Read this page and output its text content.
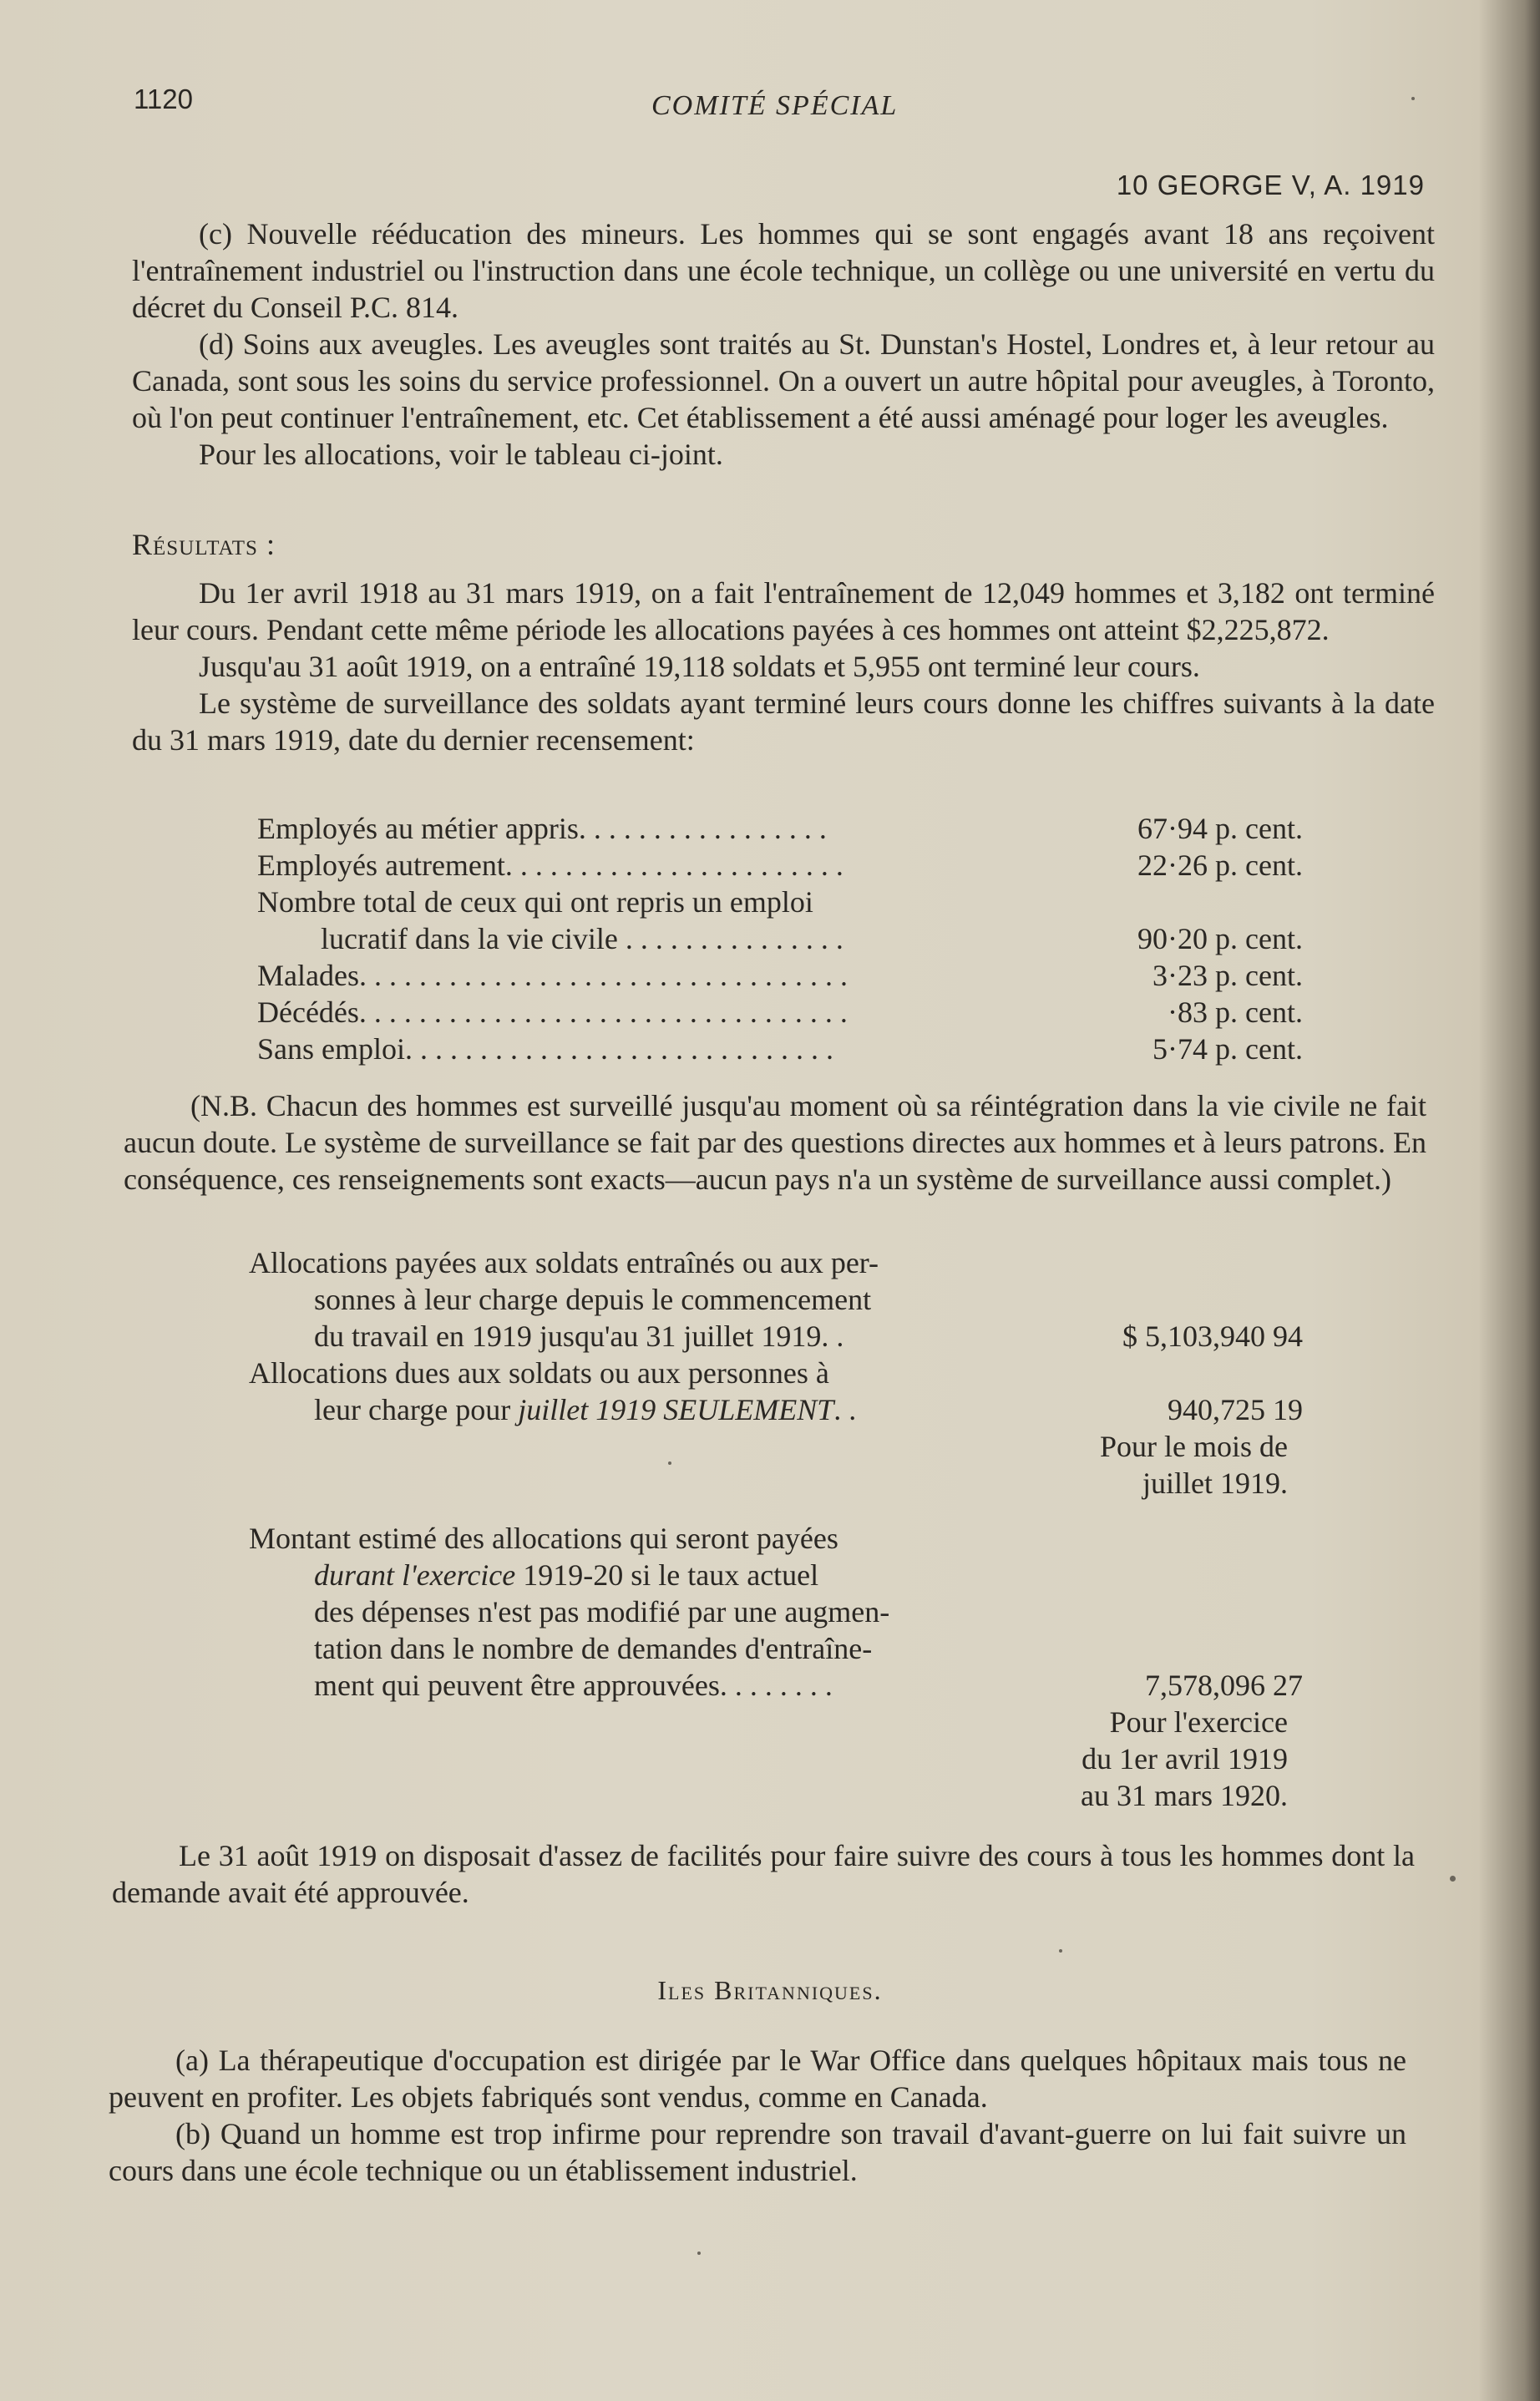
1120	COMITÉ SPÉCIAL
10 GEORGE V, A. 1919

(c) Nouvelle rééducation des mineurs. Les hommes qui se sont engagés avant 18 ans reçoivent l'entraînement industriel ou l'instruction dans une école technique, un collège ou une université en vertu du décret du Conseil P.C. 814.

(d) Soins aux aveugles. Les aveugles sont traités au St. Dunstan's Hostel, Londres et, à leur retour au Canada, sont sous les soins du service professionnel. On a ouvert un autre hôpital pour aveugles, à Toronto, où l'on peut continuer l'entraînement, etc. Cet établissement a été aussi aménagé pour loger les aveugles.

Pour les allocations, voir le tableau ci-joint.

Résultats :

Du 1er avril 1918 au 31 mars 1919, on a fait l'entraînement de 12,049 hommes et 3,182 ont terminé leur cours. Pendant cette même période les allocations payées à ces hommes ont atteint $2,225,872.

Jusqu'au 31 août 1919, on a entraîné 19,118 soldats et 5,955 ont terminé leur cours.

Le système de surveillance des soldats ayant terminé leurs cours donne les chiffres suivants à la date du 31 mars 1919, date du dernier recensement:

Employés au métier appris. . . . . . . . . . . . . . . . .	67·94 p. cent.
Employés autrement. . . . . . . . . . . . . . . . . . . . . . .	22·26 p. cent.
Nombre total de ceux qui ont repris un emploi
lucratif dans la vie civile . . . . . . . . . . . . . . .	90·20 p. cent.
Malades. . . . . . . . . . . . . . . . . . . . . . . . . . . . . . . . .	3·23 p. cent.
Décédés. . . . . . . . . . . . . . . . . . . . . . . . . . . . . . . . .	·83 p. cent.
Sans emploi. . . . . . . . . . . . . . . . . . . . . . . . . . . . .	5·74 p. cent.

(N.B. Chacun des hommes est surveillé jusqu'au moment où sa réintégration dans la vie civile ne fait aucun doute. Le système de surveillance se fait par des questions directes aux hommes et à leurs patrons. En conséquence, ces renseignements sont exacts—aucun pays n'a un système de surveillance aussi complet.)

Allocations payées aux soldats entraînés ou aux per-
sonnes à leur charge depuis le commencement
du travail en 1919 jusqu'au 31 juillet 1919. .	$ 5,103,940 94
Allocations dues aux soldats ou aux personnes à
leur charge pour juillet 1919 SEULEMENT. .	940,725 19
Pour le mois de
juillet 1919.
Montant estimé des allocations qui seront payées
durant l'exercice 1919-20 si le taux actuel
des dépenses n'est pas modifié par une augmen-
tation dans le nombre de demandes d'entraîne-
ment qui peuvent être approuvées. . . . . . . .	7,578,096 27
Pour l'exercice
du 1er avril 1919
au 31 mars 1920.

Le 31 août 1919 on disposait d'assez de facilités pour faire suivre des cours à tous les hommes dont la demande avait été approuvée.

Iles Britanniques.

(a) La thérapeutique d'occupation est dirigée par le War Office dans quelques hôpitaux mais tous ne peuvent en profiter. Les objets fabriqués sont vendus, comme en Canada.

(b) Quand un homme est trop infirme pour reprendre son travail d'avant-guerre on lui fait suivre un cours dans une école technique ou un établissement industriel.
